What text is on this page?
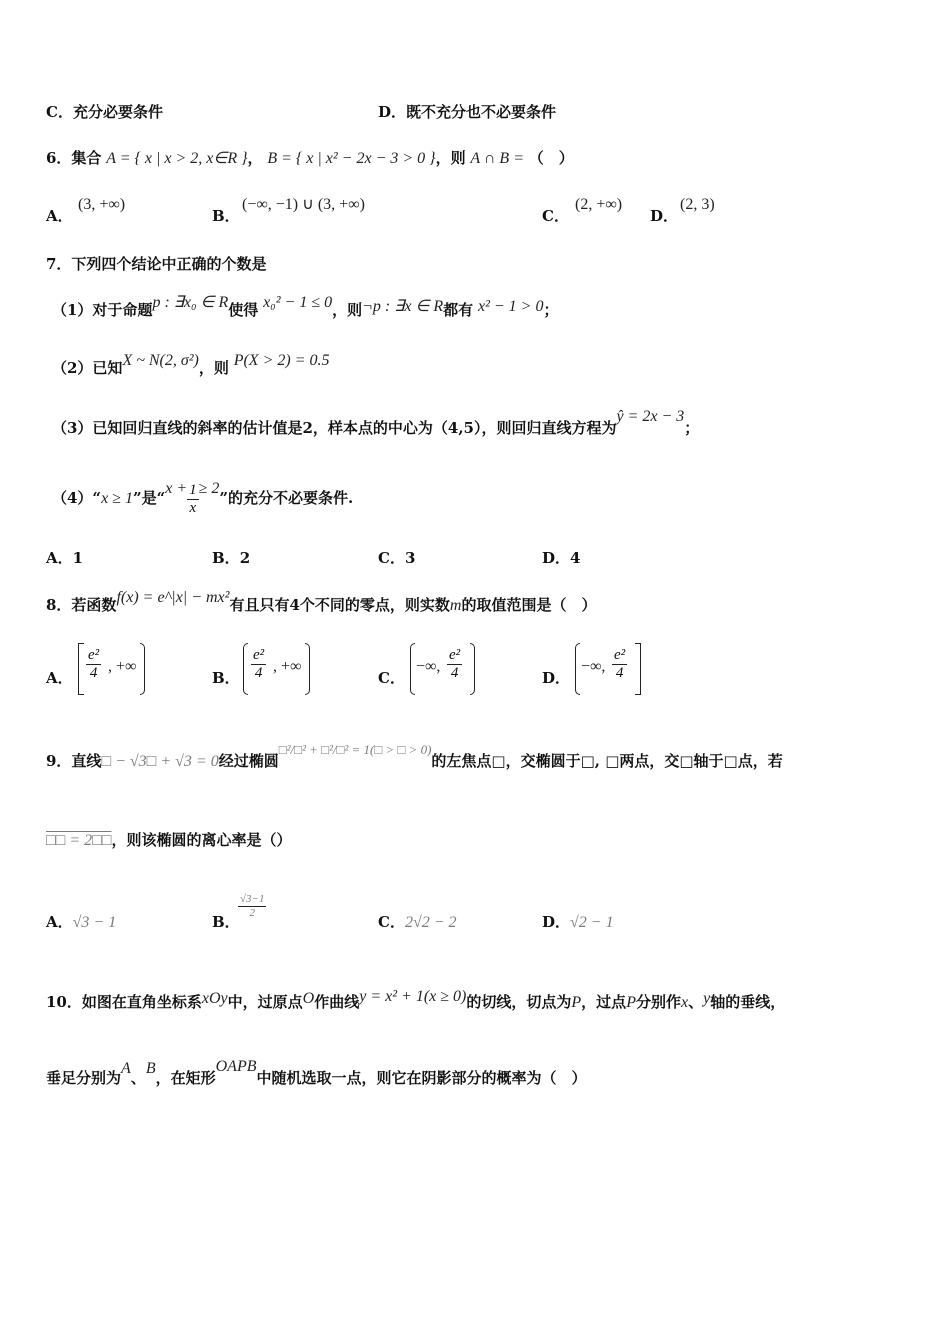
C．充分必要条件	D．既不充分也不必要条件
6．集合 A = { x | x > 2, x∈R }， B = { x | x² − 2x − 3 > 0 }，则 A ∩ B = （　）
A．
(3, +∞)
B．
(−∞, −1) ∪ (3, +∞)
C．
(2, +∞)
D．
(2, 3)
7．下列四个结论中正确的个数是
（1）对于命题p : ∃x₀ ∈ R使得 x₀² − 1 ≤ 0，则¬p : ∃x ∈ R都有 x² − 1 > 0；
（2）已知X ~ N(2, σ²)，则 P(X > 2) = 0.5
（3）已知回归直线的斜率的估计值是2，样本点的中心为（4,5），则回归直线方程为ŷ = 2x − 3；
（4）“x ≥ 1”是“$x + \frac{1}{x} \ge 2$”的充分不必要条件.
A．1	B．2	C．3	D．4
8．若函数f(x) = e^|x| − mx²有且只有4个不同的零点，则实数m的取值范围是（　）
A． $\frac{\text{e²}}{4}$ , +∞
B． $\frac{\text{e²}}{4}$ , +∞
C．
−∞, $\frac{\text{e²}}{4}$	D．
−∞, $\frac{\text{e²}}{4}$
9．直线□ − √3□ + √3 = 0经过椭圆□²/□² + □²/□² = 1(□ > □ > 0)的左焦点□，交椭圆于□, □两点，交□轴于□点，若
□□ = 2□□，则该椭圆的离心率是（）
A．√3 − 1	B．
$\frac{√3-1}{2}$
C．2√2 − 2	D．√2 − 1
10．如图在直角坐标系xOy中，过原点O作曲线y = x² + 1(x ≥ 0)的切线，切点为P，过点P分别作x、y轴的垂线，
垂足分别为A、B，在矩形OAPB中随机选取一点，则它在阴影部分的概率为（　）
